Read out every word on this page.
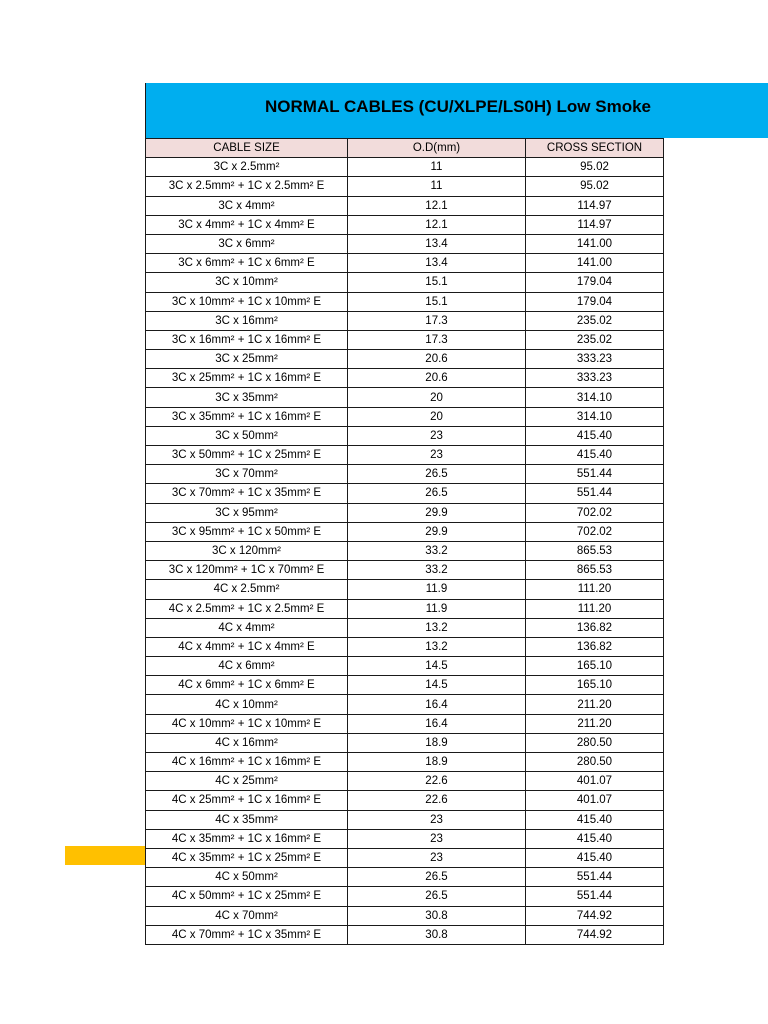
NORMAL CABLES (CU/XLPE/LS0H) Low Smoke
CABLE SIZE	O.D(mm)	CROSS SECTION
3C x 2.5mm²	11	95.02
3C x 2.5mm² + 1C x 2.5mm² E	11	95.02
3C x 4mm²	12.1	114.97
3C x 4mm² + 1C x 4mm² E	12.1	114.97
3C x 6mm²	13.4	141.00
3C x 6mm² + 1C x 6mm² E	13.4	141.00
3C x 10mm²	15.1	179.04
3C x 10mm² + 1C x 10mm² E	15.1	179.04
3C x 16mm²	17.3	235.02
3C x 16mm² + 1C x 16mm² E	17.3	235.02
3C x 25mm²	20.6	333.23
3C x 25mm² + 1C x 16mm² E	20.6	333.23
3C x 35mm²	20	314.10
3C x 35mm² + 1C x 16mm² E	20	314.10
3C x 50mm²	23	415.40
3C x 50mm² + 1C x 25mm² E	23	415.40
3C x 70mm²	26.5	551.44
3C x 70mm² + 1C x 35mm² E	26.5	551.44
3C x 95mm²	29.9	702.02
3C x 95mm² + 1C x 50mm² E	29.9	702.02
3C x 120mm²	33.2	865.53
3C x 120mm² + 1C x 70mm² E	33.2	865.53
4C x 2.5mm²	11.9	111.20
4C x 2.5mm² + 1C x 2.5mm² E	11.9	111.20
4C x 4mm²	13.2	136.82
4C x 4mm² + 1C x 4mm² E	13.2	136.82
4C x 6mm²	14.5	165.10
4C x 6mm² + 1C x 6mm² E	14.5	165.10
4C x 10mm²	16.4	211.20
4C x 10mm² + 1C x 10mm² E	16.4	211.20
4C x 16mm²	18.9	280.50
4C x 16mm² + 1C x 16mm² E	18.9	280.50
4C x 25mm²	22.6	401.07
4C x 25mm² + 1C x 16mm² E	22.6	401.07
4C x 35mm²	23	415.40
4C x 35mm² + 1C x 16mm² E	23	415.40
4C x 35mm² + 1C x 25mm² E	23	415.40
4C x 50mm²	26.5	551.44
4C x 50mm² + 1C x 25mm² E	26.5	551.44
4C x 70mm²	30.8	744.92
4C x 70mm² + 1C x 35mm² E	30.8	744.92
